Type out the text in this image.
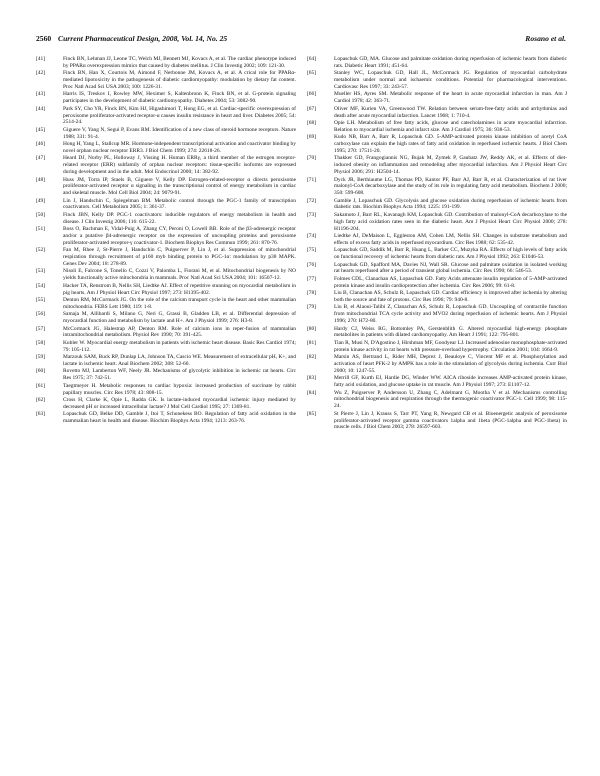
2560 Current Pharmaceutical Design, 2008, Vol. 14, No. 25	Rosano et al.
[41]	Finck BN, Lehman JJ, Leone TC, Welch MJ, Bennett MJ, Kovacs A, et al. The cardiac phenotype induced by PPARα overexpression mimics that caused by diabetes mellitus. J Clin Investig 2002; 109: 121-30.
[42]	Finck BN, Han X, Courtois M, Aimond F, Nerbonne JM, Kovacs A, et al. A crical role for PPARα-mediated lipotoxicity in the pathogenesis of diabetic cardiomyopathy: modulation by dietary fat content. Proc Natl Acad Sci USA 2003; 100: 1226-31.
[43]	Harris IS, Treskov I, Rowley MW, Heximer S, Kaltenbronn K, Finck BN, et al. G-protein signaling participates in the development of diabetic cardiomyopathy. Diabetes 2004; 53: 3082-90.
[44]	Park SY, Cho YR, Finck BN, Kim HJ, Higashimori T, Hong EG, et al. Cardiac-specific overexpression of peroxisome proliferator-activated receptor-α causes insulin resistance in heart and liver. Diabetes 2005; 54: 2514-24.
[45]	Giguere V, Yang N, Segui P, Evans RM. Identification of a new class of steroid hormone receptors. Nature 1988; 331: 91-4.
[46]	Hong H, Yang L, Stallcup MR. Hormone-independent transcriptional activation and coactivator binding by novel orphan nuclear receptor ERR3. J Biol Chem 1999; 274: 22618-26.
[47]	Heard DJ, Norby PL, Holloway J, Vissing H. Human ERRγ, a third member of the estrogen receptor-related receptor (ERR) subfamily of orphan nuclear receptors: tissue-specific isoforms are expressed during development and in the adult. Mol Endocrinol 2000; 14: 382-92.
[48]	Huss JM, Torra IP, Staels B, Giguere V, Kelly DP. Estrogen-related-receptor α directs peroxisome proliferator-activated receptor α signaling in the transcriptional control of energy metabolism in cardiac and skeletal muscle. Mol Cell Biol 2004; 24: 9079-91.
[49]	Lin J, Handschin C, Spiegelman BM. Metabolic control through the PGC-1 family of transcription coactivators. Cell Metabolism 2005; 1: 361-37.
[50]	Finck JBN, Kelly DP. PGC-1 coactivators: inducible regulators of energy metabolism in health and disease. J Clin Investig 2006; 116: 615-22.
[51]	Boss O, Bachman E, Vidal-Puig A, Zhang CY, Peroni O, Lowell BB. Role of the β3-adrenergic receptor and/or a putative β4-adrenergic receptor on the expression of uncoupling proteins and peroxisome proliferator-activated receptor-γ coactivator-1. Biochem Biophys Res Commun 1999; 261: 870-76.
[52]	Fan M, Rhee J, St-Pierre J, Handschin C, Puigserver P, Lin J, et al. Suppression of mitochondrial respiration through recruitment of p160 myb binding protein to PGC-1α: modulation by p38 MAPK. Genes Dev 2004; 18: 278-89.
[53]	Nisoli E, Falcone S, Tonello C, Cozzi V, Palomba L, Fiorani M, et al. Mitochondrial biogenesis by NO yields functionally active mitochondria in mammals. Proc Natl Acad Sci USA 2004; 101: 16507-12.
[54]	Hacker TA, Renstrom B, Nellis SH, Liedtke AJ. Effect of repetitive stunning on myocardial metabolism in pig hearts. Am J Physiol Heart Circ Physiol 1997; 273: H1395-402.
[55]	Denton RM, McCormack JG. On the role of the calcium transport cycle in the heart and other mammalian mitochondria. FEBS Lett 1980; 119: 1-8.
[56]	Samaja M, Allibardi S, Milano G, Neri G, Grassi B, Gladden LB, et al. Differential depression of myocardial function and metabolism by lactate and H+. Am J Physiol 1999; 276: H3-8.
[57]	McCormack JG, Halestrap AP, Denton RM. Role of calcium ions in reper-fusion of mammalian intramitochondrial metabolism. Physiol Rev 1990; 70: 391-425.
[58]	Kubler W. Myocardial energy metabolism in patients with ischemic heart disease. Basic Res Cardiol 1974; 79: 105-112.
[59]	Marzouk SAM, Buck RP, Dunlap LA, Johnson TA, Cascio WE. Measurement of extracellular pH, K+, and lactate in ischemic heart. Anal Biochem 2002; 308: 52-60.
[60]	Rovetto MJ, Lamberton WF, Neely JR. Mechanisms of glycolytic inhibition in ischemic rat hearts. Circ Res 1975; 37: 742-51.
[61]	Taegtmeyer H. Metabolic responses to cardiac hypoxia: increased production of succinate by rabbit papillary muscles. Circ Res 1978; 43: 808-15.
[62]	Cross H, Clarke K, Opie L, Radda GK. Is lactate-induced myocardial ischemic injury mediated by decreased pH or increased intracellular lactate? J Mol Cell Cardiol 1995; 27: 1369-81.
[63]	Lopaschuk GD, Belke DD, Gamble J, Itoi T, Schonekess BO. Regulation of fatty acid oxidation in the mammalian heart in health and disease. Biochim Biophys Acta 1994; 1213: 263-76.
[64]	Lopaschuk GD, MA. Glucose and palmitate oxidation during reperfusion of ischemic hearts from diabetic rats. Diabetic Heart 1991; 451-64.
[65]	Stanley WC, Lopaschuk GD, Hall JL, McCormack JG. Regulation of myocardial carbohydrate metabolism under normal and ischaemic conditions. Potential for pharmacological interventions. Cardiovasc Res 1997; 33: 243-57.
[66]	Mueller HS, Ayres SM. Metabolic response of the heart in acute myocardial infarction in man. Am J Cardiol 1978; 42: 363-71.
[67]	Oliver MF, Kurien VA, Greenwood TW. Relation between serum-free-fatty acids and arrhythmias and death after acute myocardial infarction. Lancet 1968; 1: 710-4.
[68]	Opie LH. Metabolism of free fatty acids, glucose and catecholamines in acute myocardial infarction. Relation to myocardial ischemia and infarct size. Am J Cardiol 1975; 36: 938-53.
[69]	Kudo NB, Barr A, Barr R, Lopaschuk GD. 5-AMP-activated protein kinase inhibition of acetyl CoA carboxylase can explain the high rates of fatty acid oxidation in reperfused ischemic hearts. J Biol Chem 1995; 270: 17511-20.
[70]	Thakker GD, Frangogiannis NG, Bujak M, Zymek P, Gaubatz JW, Reddy AK, et al. Effects of diet-induced obesity on inflammation and remodeling after myocardial infarction. Am J Physiol Heart Circ Physiol 2006; 291: H2504-14.
[71]	Dyck JR, Berthiaume LG, Thomas PD, Kantor PF, Barr AJ, Barr R, et al. Characterization of rat liver malonyl-CoA decarboxylase and the study of its role in regulating fatty acid metabolism. Biochem J 2000; 350: 599-608.
[72]	Gamble J, Lopaschuk GD. Glycolysis and glucose oxidation during reperfusion of ischemic hearts from diabetic rats. Biochim Biophys Acta 1994; 1225: 191-199.
[73]	Sakamoto J, Barr RL, Kavanagh KM, Lopaschuk GD. Contribution of malonyl-CoA decarboxylase to the high fatty acid oxidation rates seen in the diabetic heart. Am J Physiol Heart Circ Physiol 2000; 278: H1196-204.
[74]	Liedtke AJ, DeMaison L, Eggleston AM, Cohen LM, Nellis SH. Changes in substrate metabolism and effects of excess fatty acids in reperfused myocardium. Circ Res 1988; 62: 535-42.
[75]	Lopaschuk GD, Saddik M, Barr R, Huang L, Barker CC, Muzyka RA. Effects of high levels of fatty acids on functional recovery of ischemic hearts from diabetic rats. Am J Physiol 1992; 263: E1046-53.
[76]	Lopaschuk GD, Spafford MA, Davies NJ, Wall SR. Glucose and palmitate oxidation in isolated working rat hearts reperfused after a period of transient global ischemia. Circ Res 1990; 66: 546-53.
[77]	Folmes CDL, Clanachan AS, Lopaschuk GD. Fatty Acids attenuate insulin regulation of 5-AMP-activated protein kinase and insulin cardioprotection after ischemia. Circ Res 2006; 99: 61-8.
[78]	Liu B, Clanachan AS, Schulz R, Lopaschuk GD. Cardiac efficiency is improved after ischemia by altering both the source and fate of protons. Circ Res 1996; 79: 940-8.
[79]	Liu B, el Alaoui-Talibi Z, Clanachan AS, Schulz R, Lopaschuk GD. Uncoupling of contractile function from mitochondrial TCA cycle activity and MVO2 during reperfusion of ischemic hearts. Am J Physiol 1996; 270: H72-80.
[80]	Hardy CJ, Weiss RG, Bottomley PA, Gerstenblith G. Altered myocardial high-energy phosphate metabolites in patients with dilated cardiomyopathy. Am Heart J 1991; 122: 795-801.
[81]	Tian R, Musi N, D'Agostino J, Hirshman MF, Goodyear LJ. Increased adenosine monophosphate-activated protein kinase activity in rat hearts with pressure-overload hypertrophy. Circulation 2001; 104: 1664-9.
[82]	Marsin AS, Bertrand L, Rider MH, Deprez J, Beauloye C, Vincent MF et al. Phosphorylation and activation of heart PFK-2 by AMPK has a role in the stimulation of glycolysis during ischemia. Curr Biol 2000; 10: 1247-55.
[83]	Merrill GF, Kurth EJ, Hardie DG, Winder WW. AICA riboside increases AMP-activated protein kinase, fatty acid oxidation, and glucose uptake in rat muscle. Am J Physiol 1997; 273: E1107-12.
[84]	Wu Z, Puigserver P, Andersson U, Zhang C, Adelmant G, Mootha V et al. Mechanisms controlling mitochondrial biogenesis and respiration through the thermogenic coactivator PGC-1. Cell 1999; 98: 115-24.
[85]	St Pierre J, Lin J, Krauss S, Tarr PT, Yang R, Newgard CB et al. Bioenergetic analysis of peroxisome proliferator-activated receptor gamma coactivators 1alpha and 1beta (PGC-1alpha and PGC-1beta) in muscle cells. J Biol Chem 2003; 278: 26597-603.
